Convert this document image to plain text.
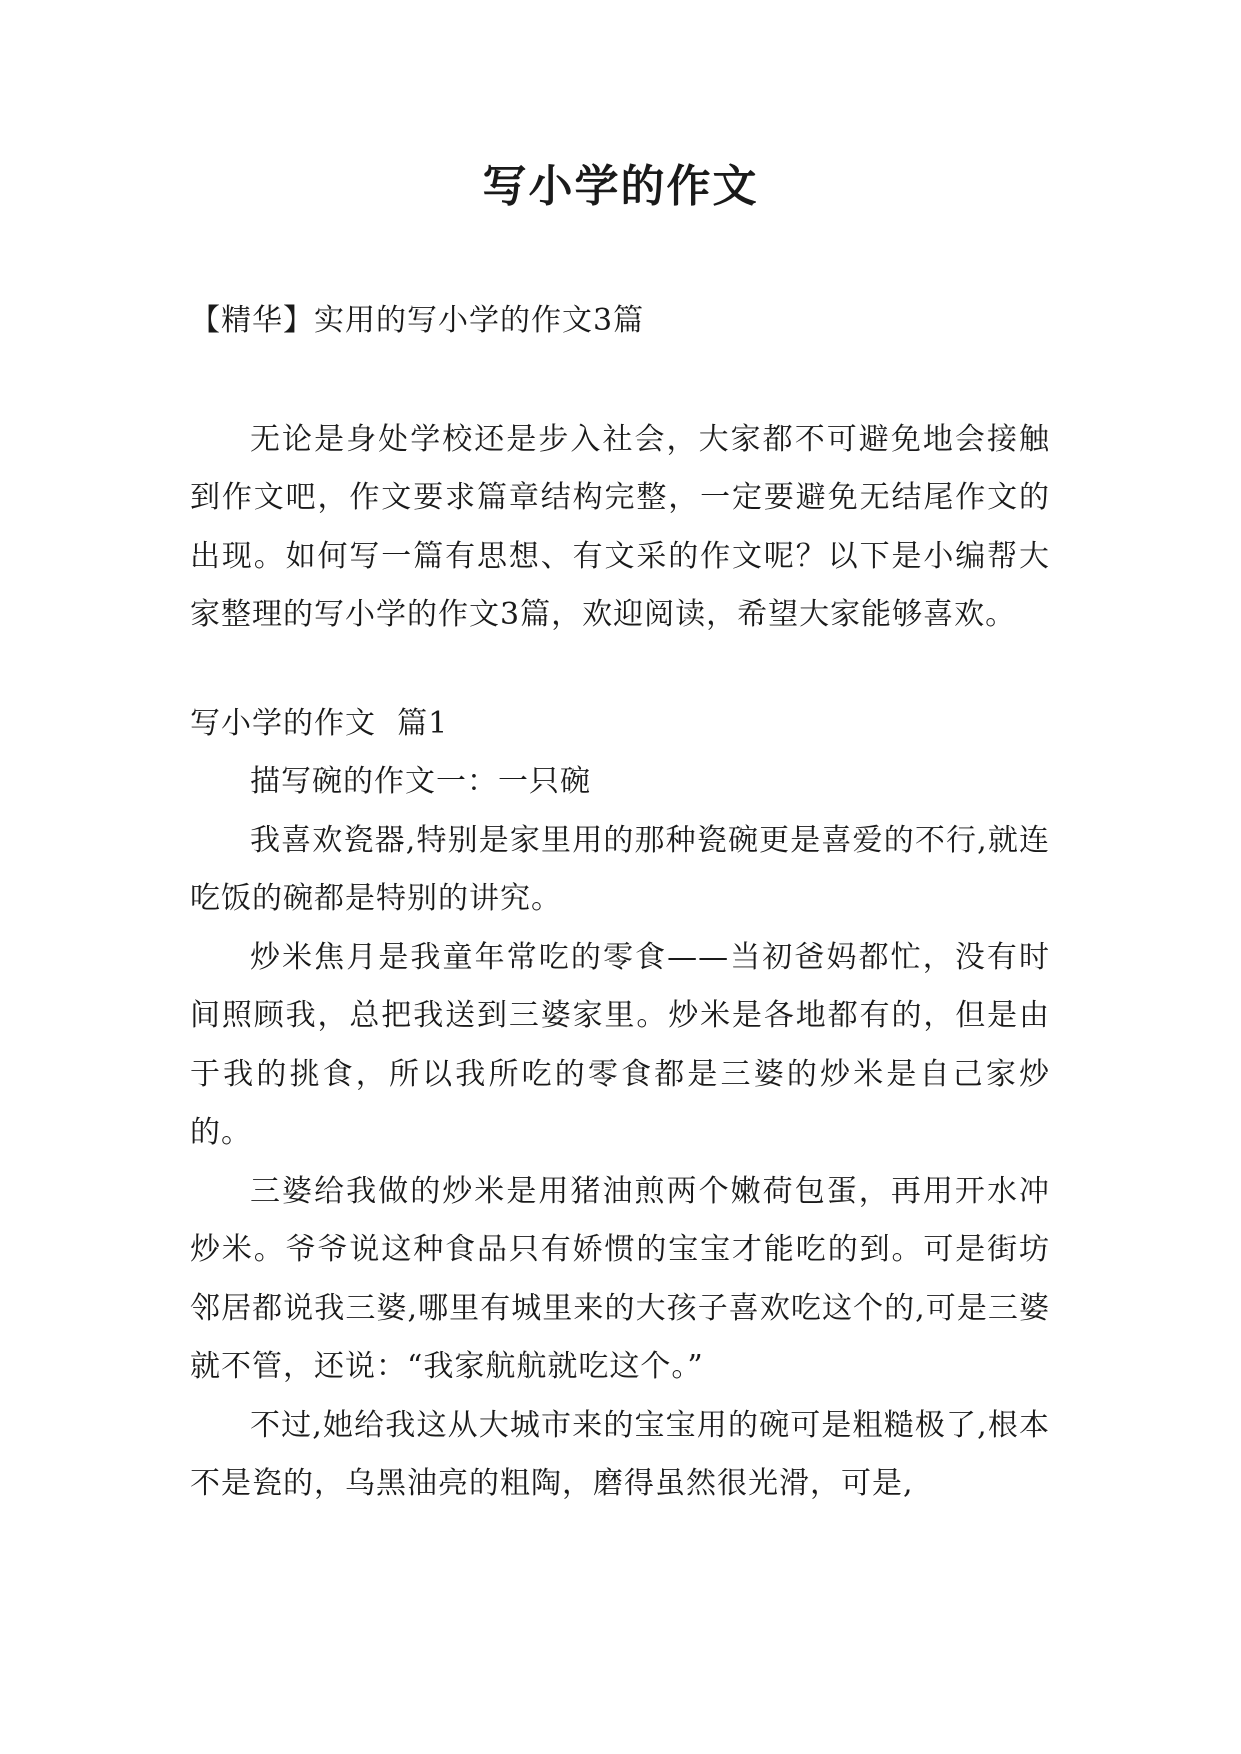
写小学的作文

【精华】实用的写小学的作文3篇

无论是身处学校还是步入社会，大家都不可避免地会接触到作文吧，作文要求篇章结构完整，一定要避免无结尾作文的出现。如何写一篇有思想、有文采的作文呢？以下是小编帮大家整理的写小学的作文3篇，欢迎阅读，希望大家能够喜欢。

写小学的作文  篇1

描写碗的作文一：一只碗

我喜欢瓷器,特别是家里用的那种瓷碗更是喜爱的不行,就连吃饭的碗都是特别的讲究。

炒米焦月是我童年常吃的零食——当初爸妈都忙，没有时间照顾我，总把我送到三婆家里。炒米是各地都有的，但是由于我的挑食，所以我所吃的零食都是三婆的炒米是自己家炒的。

三婆给我做的炒米是用猪油煎两个嫩荷包蛋，再用开水冲炒米。爷爷说这种食品只有娇惯的宝宝才能吃的到。可是街坊邻居都说我三婆,哪里有城里来的大孩子喜欢吃这个的,可是三婆就不管，还说：“我家航航就吃这个。”

不过,她给我这从大城市来的宝宝用的碗可是粗糙极了,根本不是瓷的，乌黑油亮的粗陶，磨得虽然很光滑，可是,
